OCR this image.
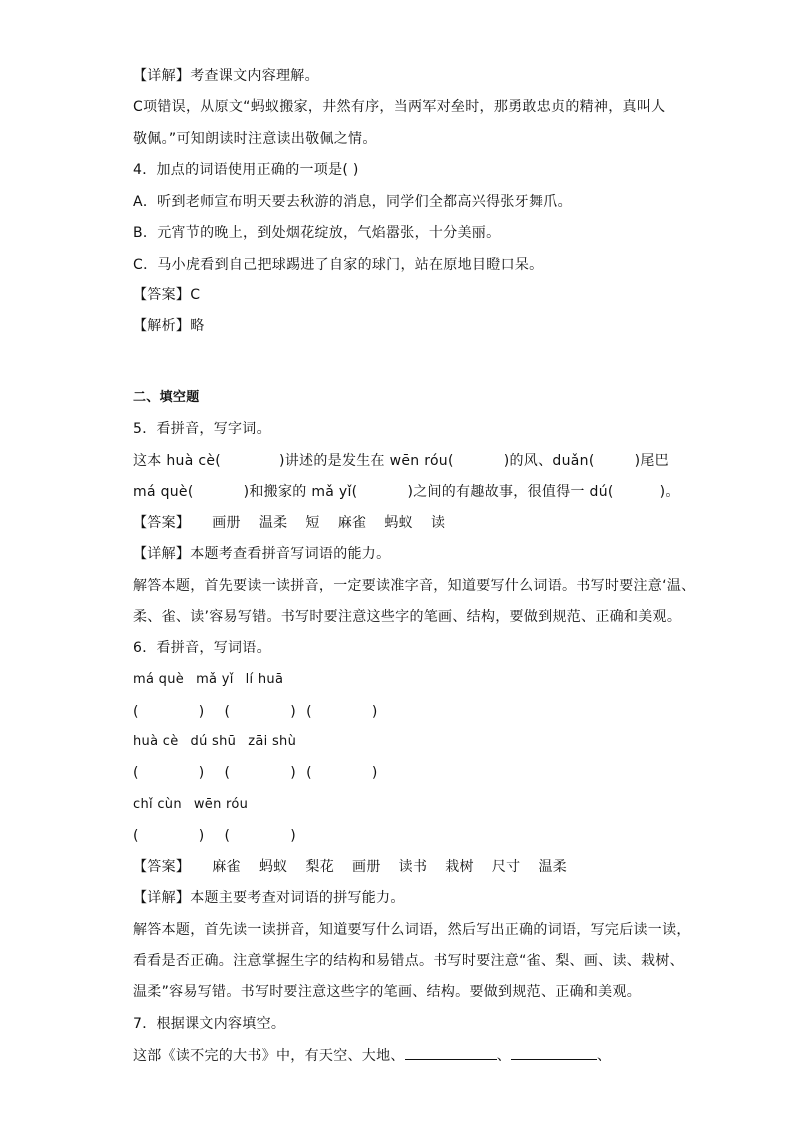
【详解】考查课文内容理解。
C项错误，从原文“蚂蚁搬家，井然有序，当两军对垒时，那勇敢忠贞的精神，真叫人
敬佩。”可知朗读时注意读出敬佩之情。
4．加点的词语使用正确的一项是( )
A．听到老师宣布明天要去秋游的消息，同学们全都高兴得张牙舞爪。
B．元宵节的晚上，到处烟花绽放，气焰嚣张，十分美丽。
C．马小虎看到自己把球踢进了自家的球门，站在原地目瞪口呆。
【答案】C
【解析】略
二、填空题
5．看拼音，写字词。
这本 huà cè(	)讲述的是发生在 wēn róu(	)的风、duǎn(	)尾巴
má què(	)和搬家的 mǎ yǐ(	)之间的有趣故事，很值得一 dú(	)。
【答案】 画册 温柔 短 麻雀 蚂蚁 读
【详解】本题考查看拼音写词语的能力。
解答本题，首先要读一读拼音，一定要读准字音，知道要写什么词语。书写时要注意‘温、
柔、雀、读’容易写错。书写时要注意这些字的笔画、结构，要做到规范、正确和美观。
6．看拼音，写词语。
má què mǎ yǐ lí huā
(	) (	) (	)
huà cè dú shū zāi shù
(	) (	) (	)
chǐ cùn wēn róu
(	) (	)
【答案】 麻雀 蚂蚁 梨花 画册 读书 栽树 尺寸 温柔
【详解】本题主要考查对词语的拼写能力。
解答本题，首先读一读拼音，知道要写什么词语，然后写出正确的词语，写完后读一读，
看看是否正确。注意掌握生字的结构和易错点。书写时要注意“雀、梨、画、读、栽树、
温柔”容易写错。书写时要注意这些字的笔画、结构。要做到规范、正确和美观。
7．根据课文内容填空。
这部《读不完的大书》中，有天空、大地、	、	、
